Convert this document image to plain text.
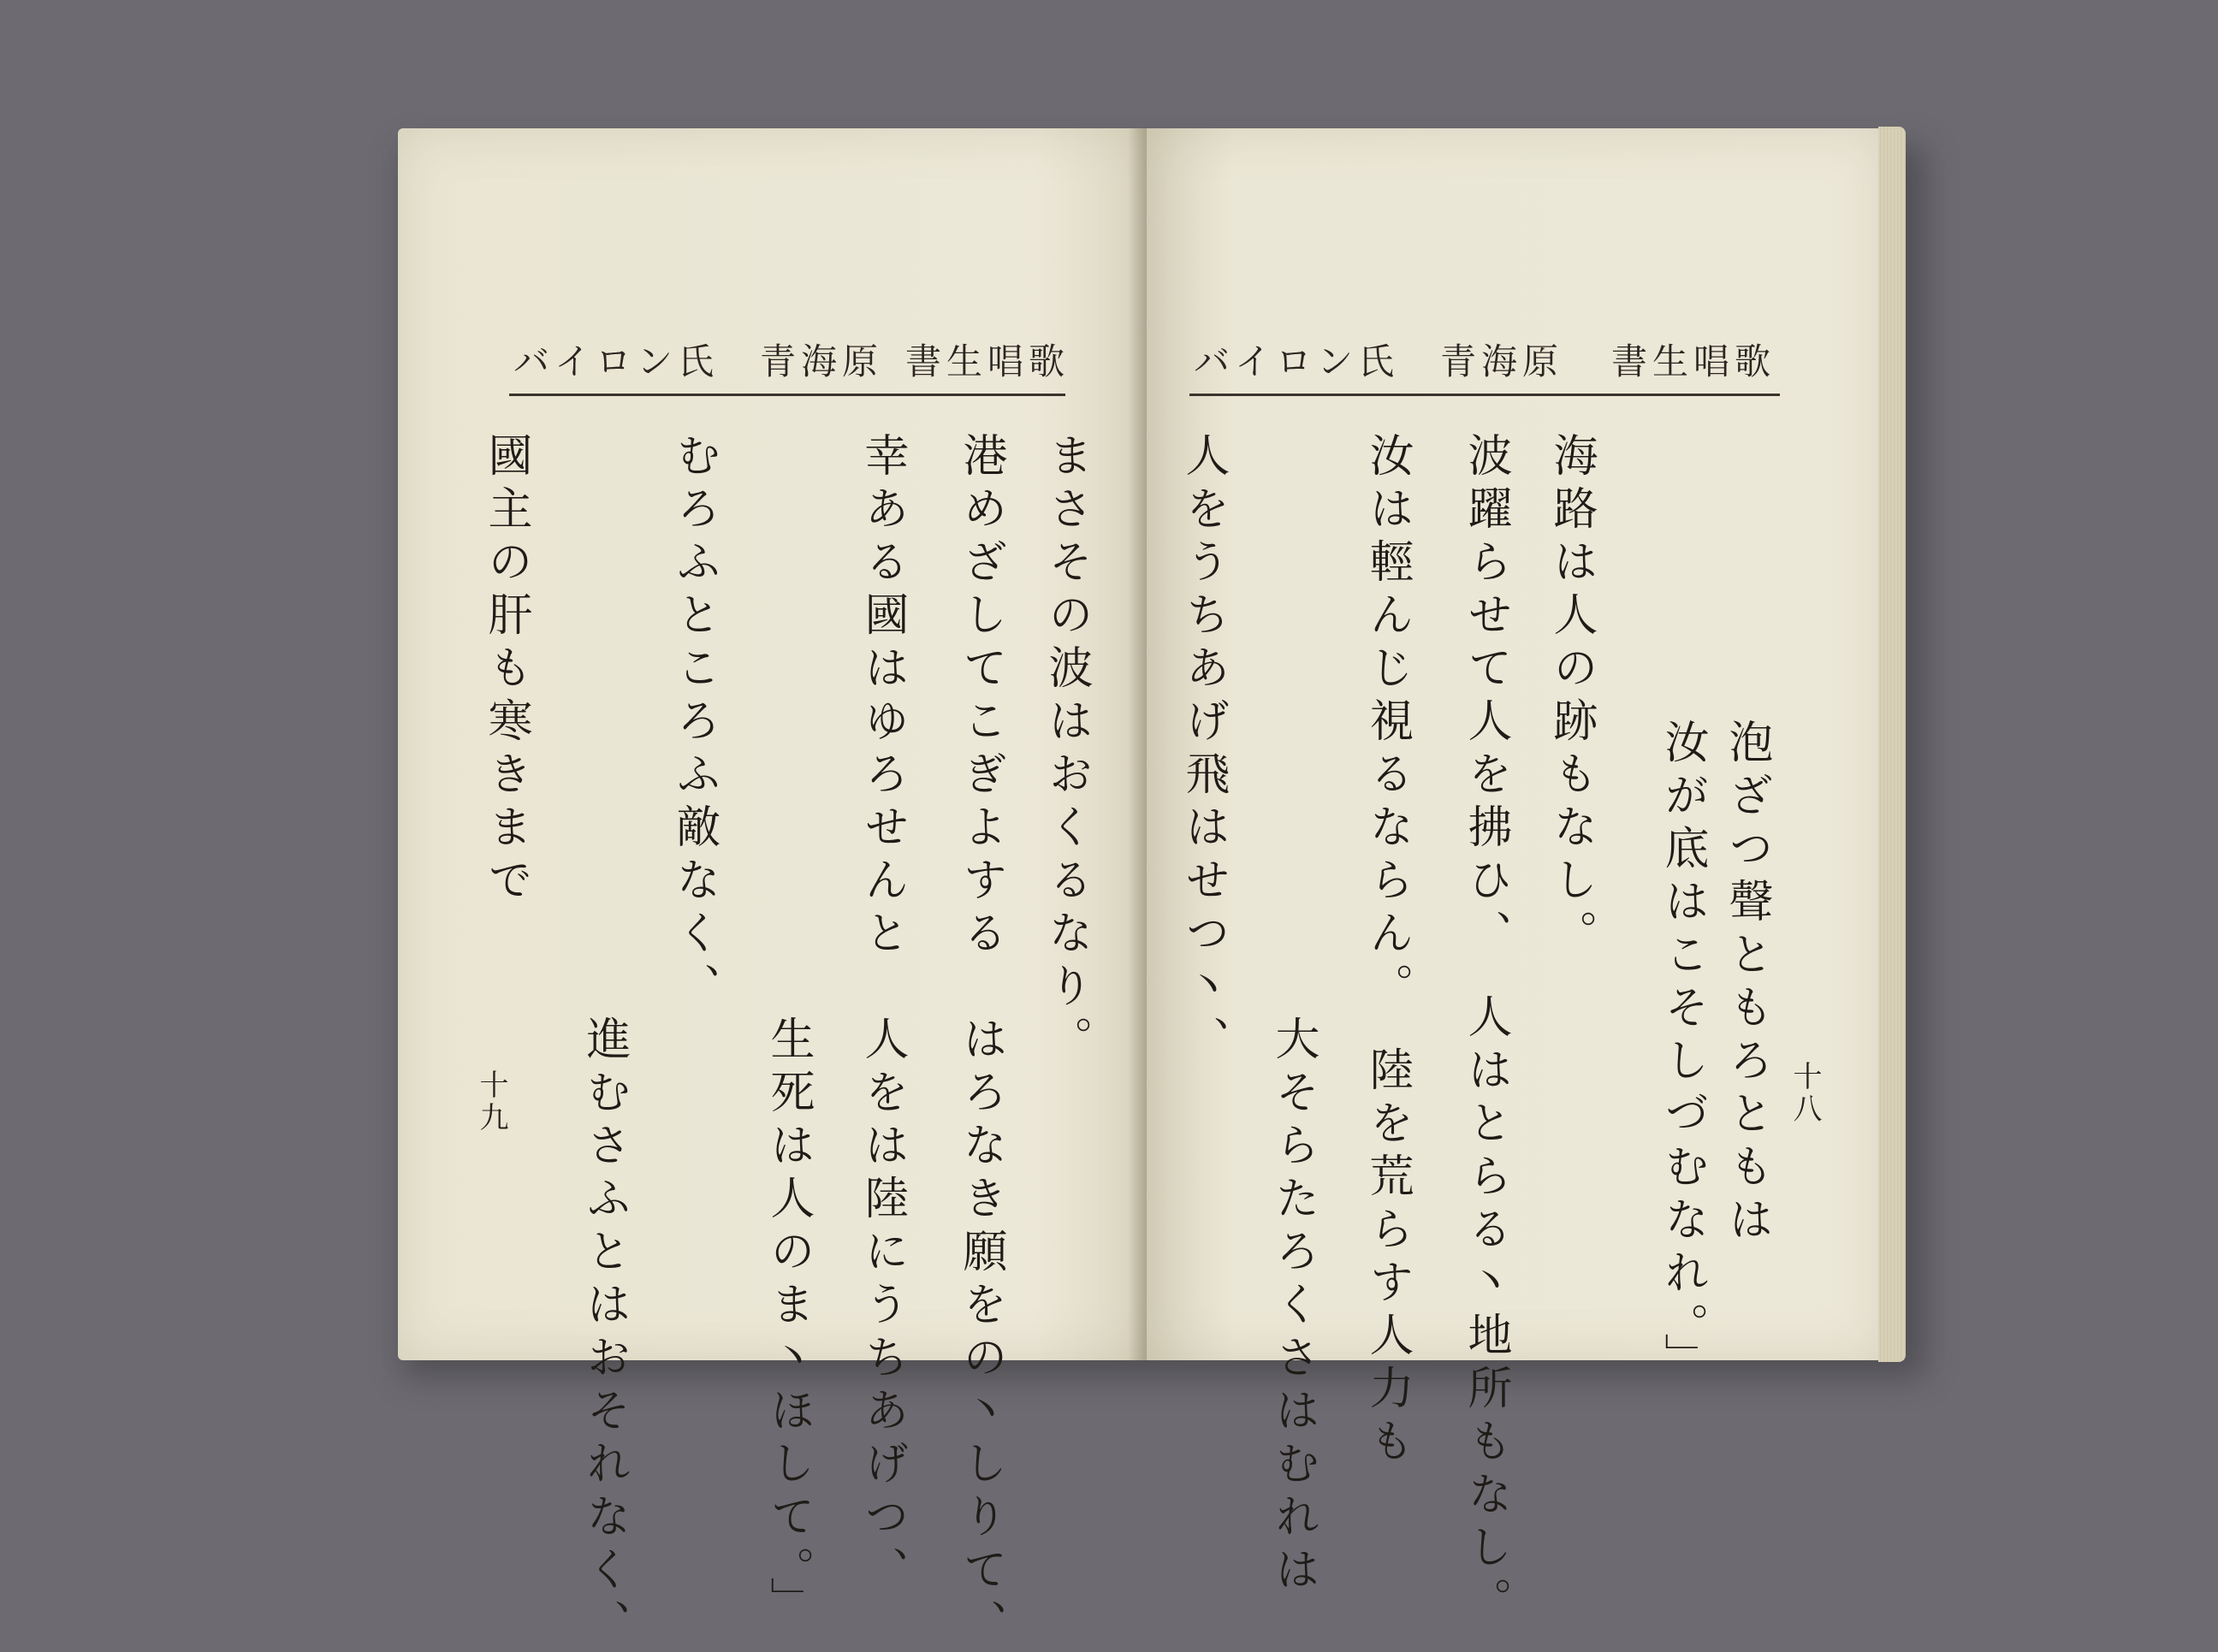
バイロン氏　青海原 書生唱歌
まさその波はおくるなり。
港めざしてこぎよする　はろなき願をの丶しりて、
幸ある國はゆろせんと　人をは陸にうちあげつ、
　　　　　　　　　　　生死は人のま丶ほして。」
むろふところふ敵なく、
　　　　　　　　　　　進むさふとはおそれなく、
國主の肝も寒きまで
十九
バイロン氏　青海原 書生唱歌
泡ざつ聲ともろともは
汝が底はこそしづむなれ。」
海路は人の跡もなし。
波躍らせて人を拂ひ、　人はとらる丶地所もなし。
汝は輕んじ視るならん。　陸を荒らす人力も
　　　　　　　　　　　大そらたろくさはむれは
人をうちあげ飛はせつ丶、
十八
